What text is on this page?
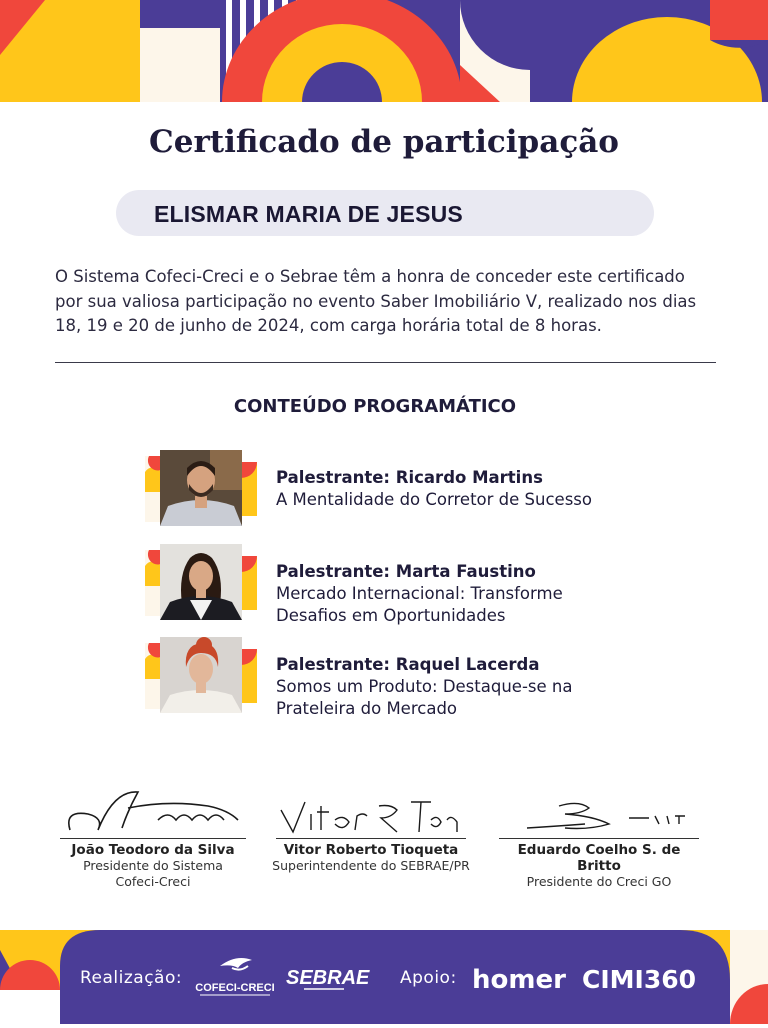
Certificado de participação
ELISMAR MARIA DE JESUS
O Sistema Cofeci-Creci e o Sebrae têm a honra de conceder este certificado
por sua valiosa participação no evento Saber Imobiliário V, realizado nos dias
18, 19 e 20 de junho de 2024, com carga horária total de 8 horas.
CONTEÚDO PROGRAMÁTICO
Palestrante: Ricardo Martins
A Mentalidade do Corretor de Sucesso
Palestrante: Marta Faustino
Mercado Internacional: Transforme
Desafios em Oportunidades
Palestrante: Raquel Lacerda
Somos um Produto: Destaque-se na
Prateleira do Mercado
João Teodoro da Silva
Presidente do Sistema
Cofeci-Creci
Vitor Roberto Tioqueta
Superintendente do SEBRAE/PR
Eduardo Coelho S. de Britto
Presidente do Creci GO
Realização:	Apoio:
COFECI-CRECI SEBRAE	homer CIMI360
